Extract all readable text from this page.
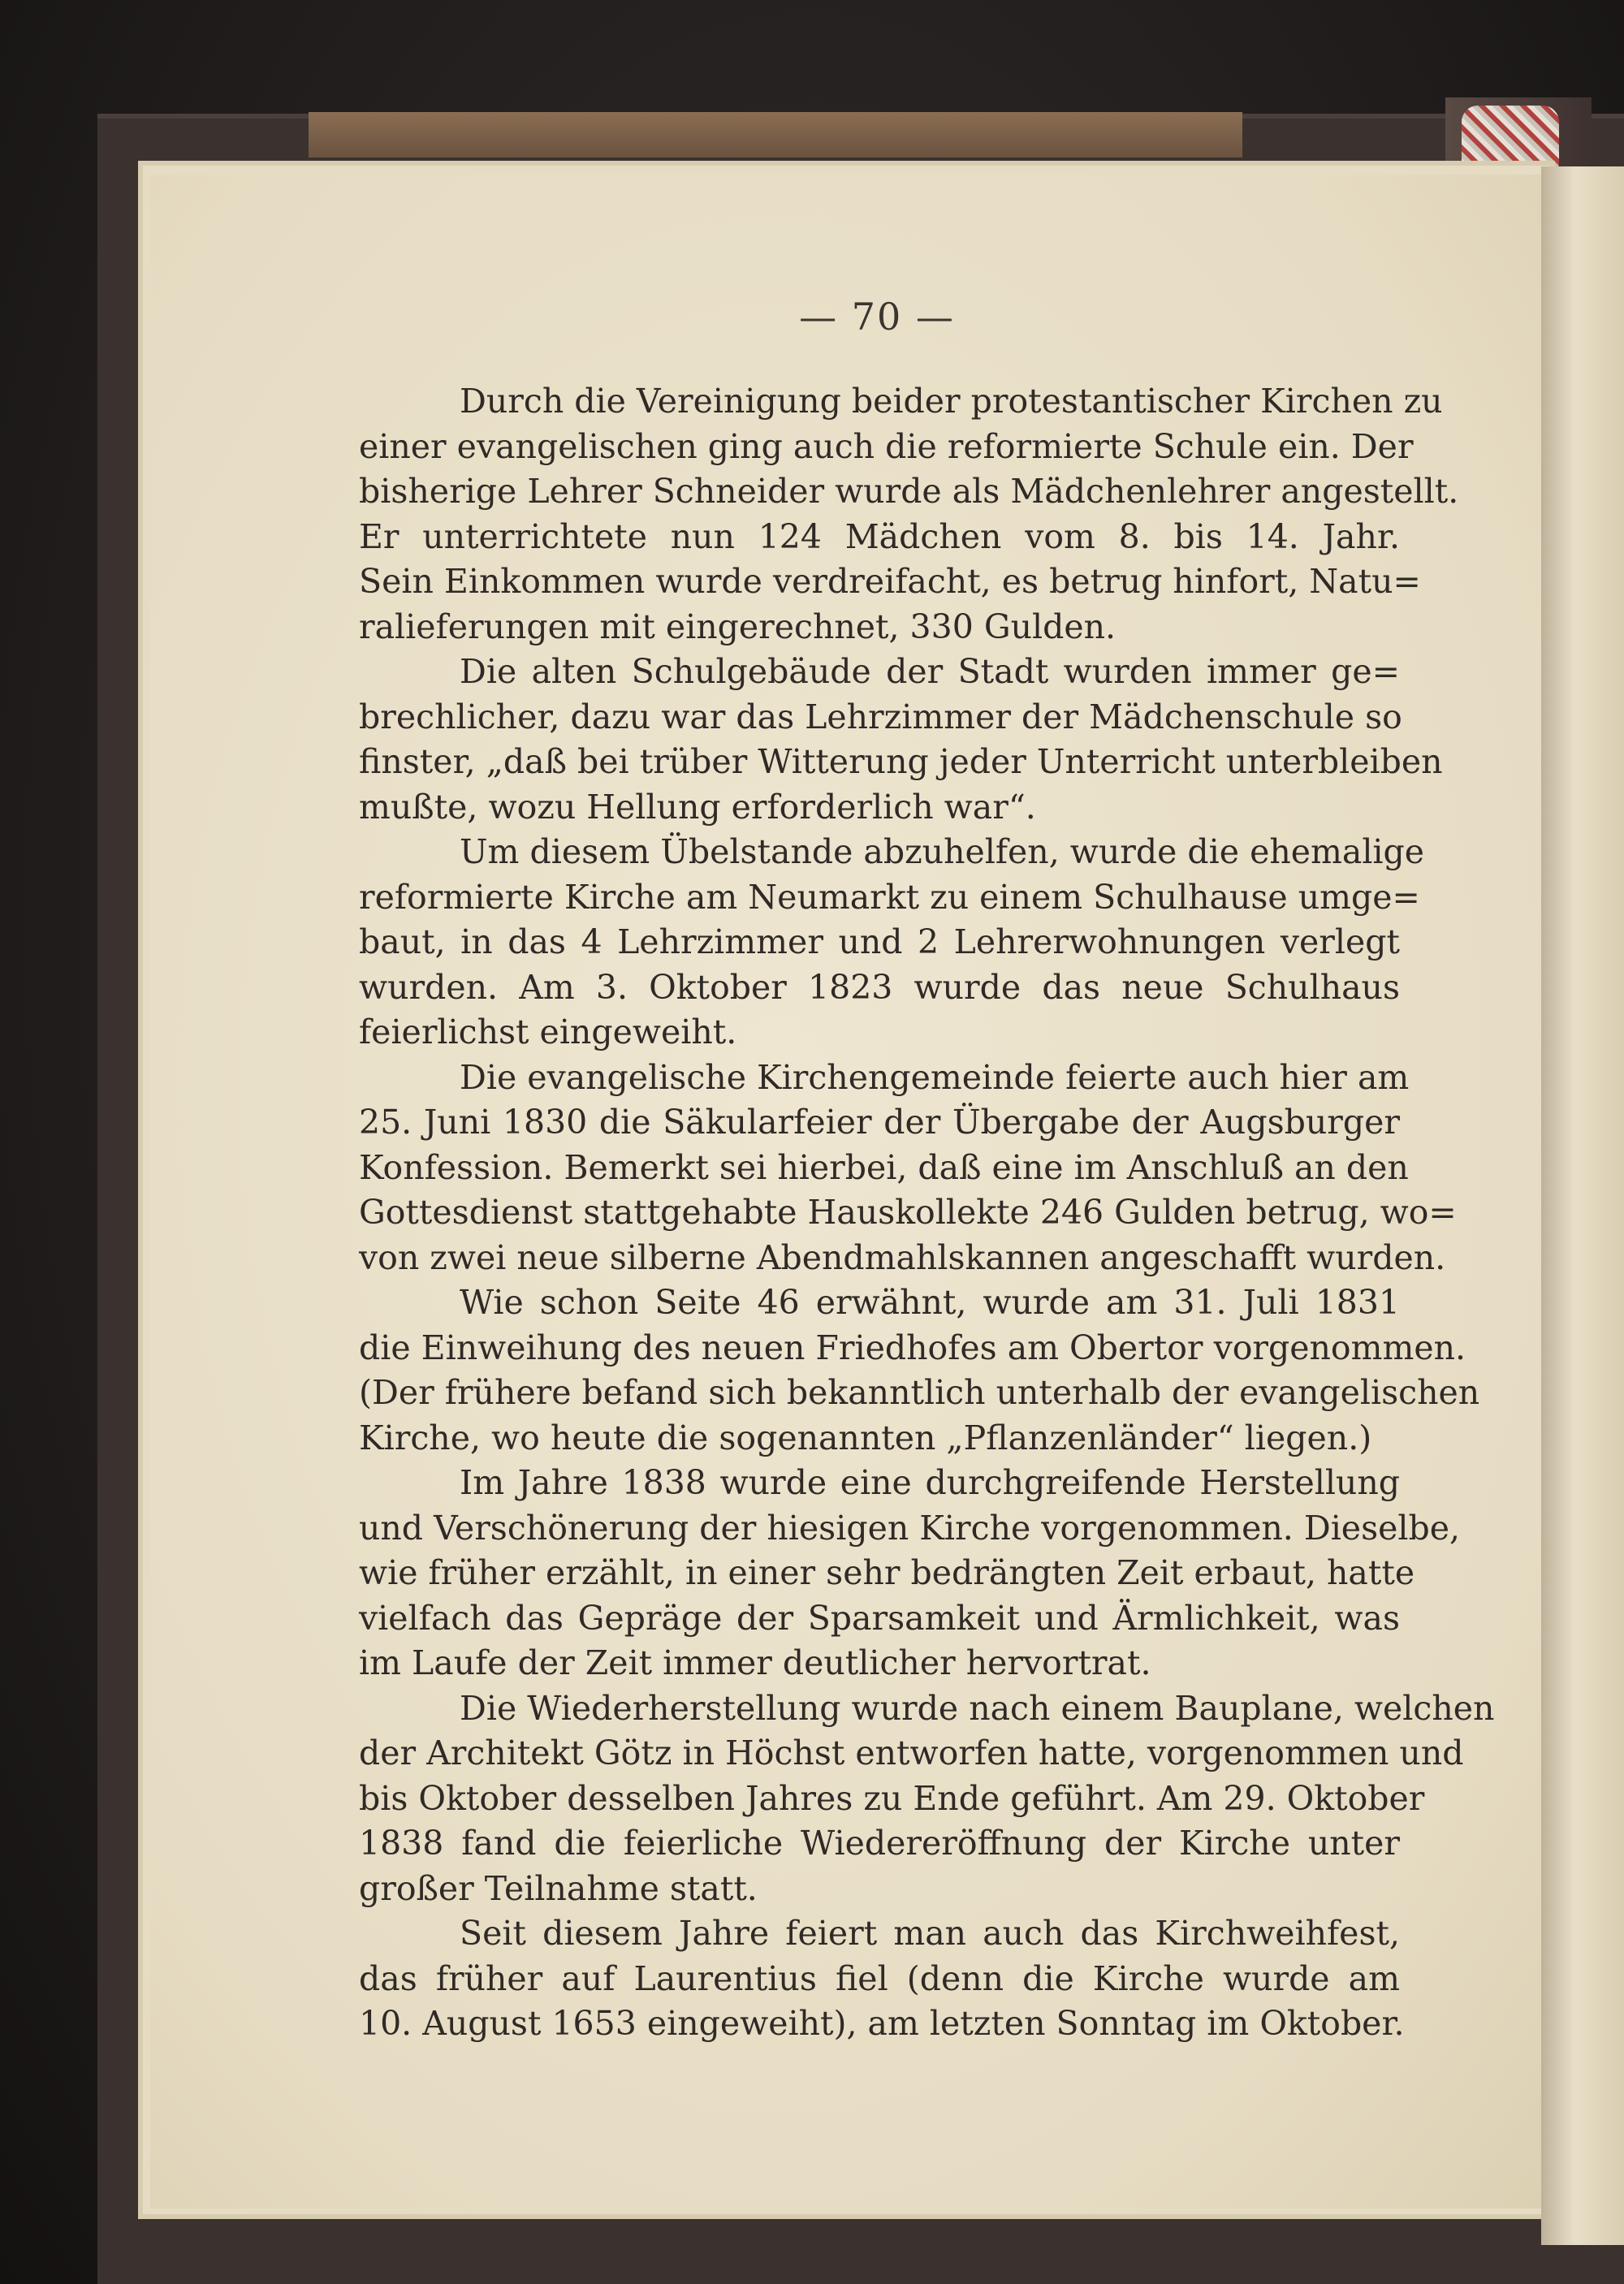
— 70 —
Durch die Vereinigung beider protestantischer Kirchen zu
einer evangelischen ging auch die reformierte Schule ein. Der
bisherige Lehrer Schneider wurde als Mädchenlehrer angestellt.
Er unterrichtete nun 124 Mädchen vom 8. bis 14. Jahr.
Sein Einkommen wurde verdreifacht, es betrug hinfort, Natu=
ralieferungen mit eingerechnet, 330 Gulden.
Die alten Schulgebäude der Stadt wurden immer ge=
brechlicher, dazu war das Lehrzimmer der Mädchenschule so
finster, „daß bei trüber Witterung jeder Unterricht unterbleiben
mußte, wozu Hellung erforderlich war“.
Um diesem Übelstande abzuhelfen, wurde die ehemalige
reformierte Kirche am Neumarkt zu einem Schulhause umge=
baut, in das 4 Lehrzimmer und 2 Lehrerwohnungen verlegt
wurden. Am 3. Oktober 1823 wurde das neue Schulhaus
feierlichst eingeweiht.
Die evangelische Kirchengemeinde feierte auch hier am
25. Juni 1830 die Säkularfeier der Übergabe der Augsburger
Konfession. Bemerkt sei hierbei, daß eine im Anschluß an den
Gottesdienst stattgehabte Hauskollekte 246 Gulden betrug, wo=
von zwei neue silberne Abendmahlskannen angeschafft wurden.
Wie schon Seite 46 erwähnt, wurde am 31. Juli 1831
die Einweihung des neuen Friedhofes am Obertor vorgenommen.
(Der frühere befand sich bekanntlich unterhalb der evangelischen
Kirche, wo heute die sogenannten „Pflanzenländer“ liegen.)
Im Jahre 1838 wurde eine durchgreifende Herstellung
und Verschönerung der hiesigen Kirche vorgenommen. Dieselbe,
wie früher erzählt, in einer sehr bedrängten Zeit erbaut, hatte
vielfach das Gepräge der Sparsamkeit und Ärmlichkeit, was
im Laufe der Zeit immer deutlicher hervortrat.
Die Wiederherstellung wurde nach einem Bauplane, welchen
der Architekt Götz in Höchst entworfen hatte, vorgenommen und
bis Oktober desselben Jahres zu Ende geführt. Am 29. Oktober
1838 fand die feierliche Wiedereröffnung der Kirche unter
großer Teilnahme statt.
Seit diesem Jahre feiert man auch das Kirchweihfest,
das früher auf Laurentius fiel (denn die Kirche wurde am
10. August 1653 eingeweiht), am letzten Sonntag im Oktober.
